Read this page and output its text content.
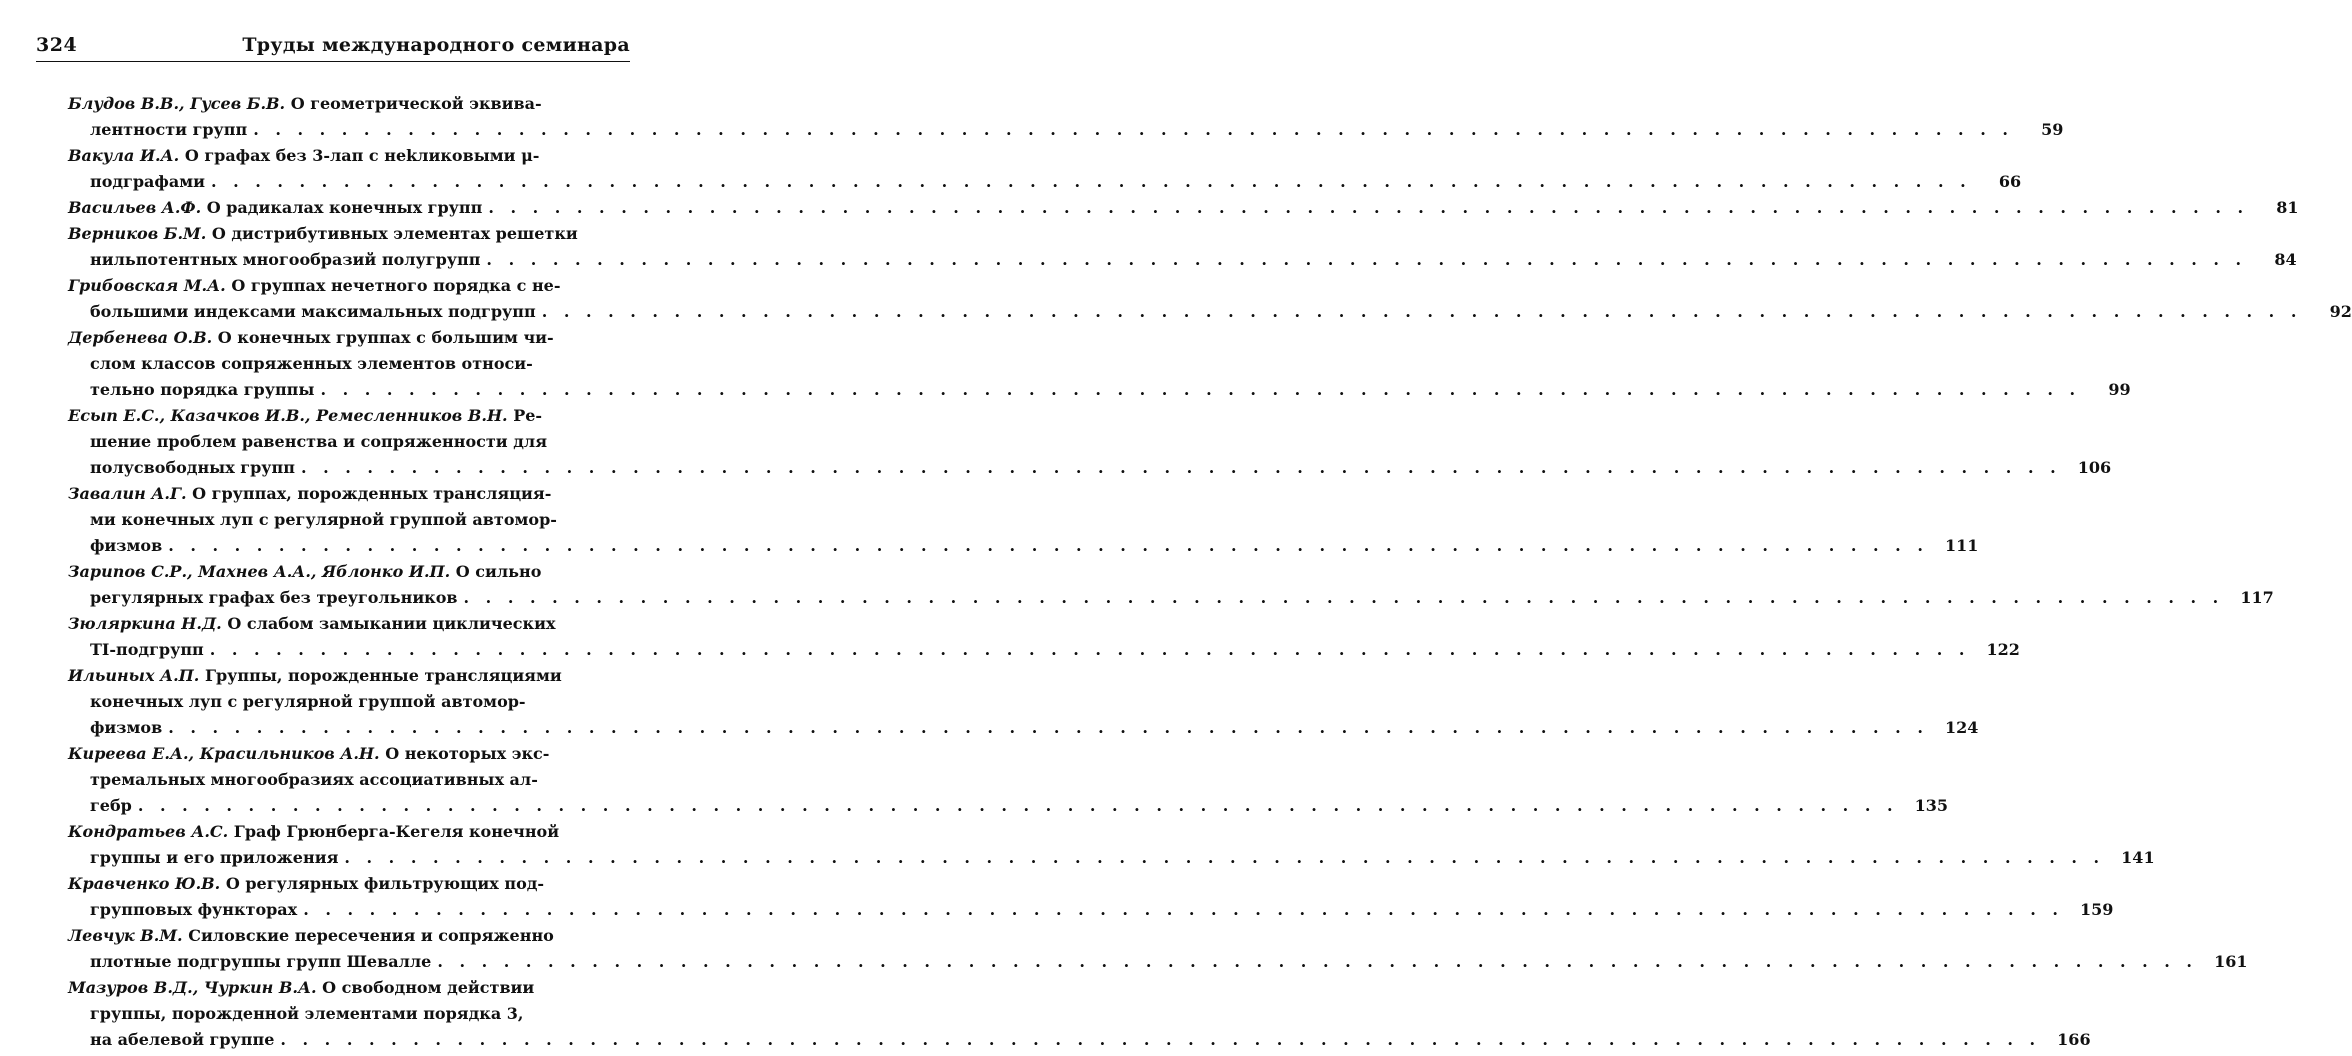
324	Труды международного семинара
Блудов В.В., Гусев Б.В. О геометрической эквива-
лентности групп . . . . . . . . . . . . . . . . . . . . . . . . . . . . . . . . . . . . . . . . . . . . . . . . . . . . . . . . . . . . . . . . . . . . . . . . . . . . . . . .	59
Вакула И.А. О графах без 3-лап с неkликовыми μ-
подграфами . . . . . . . . . . . . . . . . . . . . . . . . . . . . . . . . . . . . . . . . . . . . . . . . . . . . . . . . . . . . . . . . . . . . . . . . . . . . . . . .	66
Васильев А.Ф. О радикалах конечных групп . . . . . . . . . . . . . . . . . . . . . . . . . . . . . . . . . . . . . . . . . . . . . . . . . . . . . . . . . . . . . . . . . . . . . . . . . . . . . . . .	81
Верников Б.М. О дистрибутивных элементах решетки
нильпотентных многообразий полугрупп . . . . . . . . . . . . . . . . . . . . . . . . . . . . . . . . . . . . . . . . . . . . . . . . . . . . . . . . . . . . . . . . . . . . . . . . . . . . . . . .	84
Грибовская М.А. О группах нечетного порядка с не-
большими индексами максимальных подгрупп . . . . . . . . . . . . . . . . . . . . . . . . . . . . . . . . . . . . . . . . . . . . . . . . . . . . . . . . . . . . . . . . . . . . . . . . . . . . . . . .	92
Дербенева О.В. О конечных группах с большим чи-
слом классов сопряженных элементов относи-
тельно порядка группы . . . . . . . . . . . . . . . . . . . . . . . . . . . . . . . . . . . . . . . . . . . . . . . . . . . . . . . . . . . . . . . . . . . . . . . . . . . . . . . .	99
Есып Е.С., Казачков И.В., Ремесленников В.Н. Ре-
шение проблем равенства и сопряженности для
полусвободных групп . . . . . . . . . . . . . . . . . . . . . . . . . . . . . . . . . . . . . . . . . . . . . . . . . . . . . . . . . . . . . . . . . . . . . . . . . . . . . . . .	106
Завалин А.Г. О группах, порожденных трансляция-
ми конечных луп с регулярной группой автомор-
физмов . . . . . . . . . . . . . . . . . . . . . . . . . . . . . . . . . . . . . . . . . . . . . . . . . . . . . . . . . . . . . . . . . . . . . . . . . . . . . . . .	111
Зарипов С.Р., Махнев А.А., Яблонко И.П. О сильно
регулярных графах без треугольников . . . . . . . . . . . . . . . . . . . . . . . . . . . . . . . . . . . . . . . . . . . . . . . . . . . . . . . . . . . . . . . . . . . . . . . . . . . . . . . .	117
Зюляркина Н.Д. О слабом замыкании циклических
TI-подгрупп . . . . . . . . . . . . . . . . . . . . . . . . . . . . . . . . . . . . . . . . . . . . . . . . . . . . . . . . . . . . . . . . . . . . . . . . . . . . . . . .	122
Ильиных А.П. Группы, порожденные трансляциями
конечных луп с регулярной группой автомор-
физмов . . . . . . . . . . . . . . . . . . . . . . . . . . . . . . . . . . . . . . . . . . . . . . . . . . . . . . . . . . . . . . . . . . . . . . . . . . . . . . . .	124
Киреева Е.А., Красильников А.Н. О некоторых экс-
тремальных многообразиях ассоциативных ал-
гебр . . . . . . . . . . . . . . . . . . . . . . . . . . . . . . . . . . . . . . . . . . . . . . . . . . . . . . . . . . . . . . . . . . . . . . . . . . . . . . . .	135
Кондратьев А.С. Граф Грюнберга-Кегеля конечной
группы и его приложения . . . . . . . . . . . . . . . . . . . . . . . . . . . . . . . . . . . . . . . . . . . . . . . . . . . . . . . . . . . . . . . . . . . . . . . . . . . . . . . .	141
Кравченко Ю.В. О регулярных фильтрующих под-
групповых функторах . . . . . . . . . . . . . . . . . . . . . . . . . . . . . . . . . . . . . . . . . . . . . . . . . . . . . . . . . . . . . . . . . . . . . . . . . . . . . . . .	159
Левчук В.М. Силовские пересечения и сопряженно
плотные подгруппы групп Шевалле . . . . . . . . . . . . . . . . . . . . . . . . . . . . . . . . . . . . . . . . . . . . . . . . . . . . . . . . . . . . . . . . . . . . . . . . . . . . . . . .	161
Мазуров В.Д., Чуркин В.А. О свободном действии
группы, порожденной элементами порядка 3,
на абелевой группе . . . . . . . . . . . . . . . . . . . . . . . . . . . . . . . . . . . . . . . . . . . . . . . . . . . . . . . . . . . . . . . . . . . . . . . . . . . . . . . .	166
